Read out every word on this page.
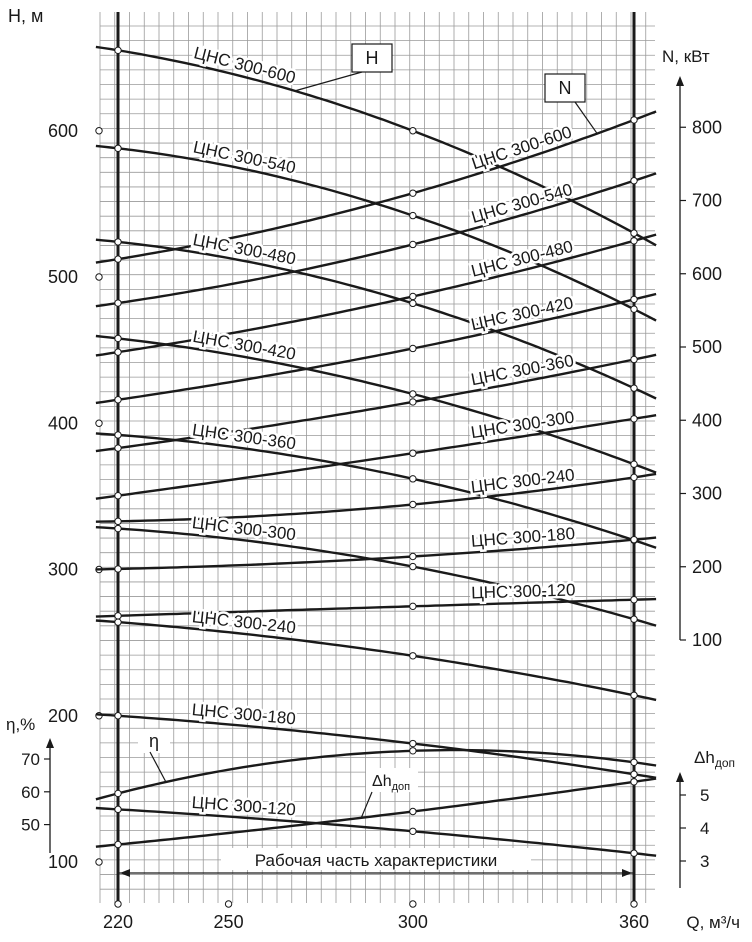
Рабочая часть характеристики
220	250	300	360 Q, м³/ч
100
200
300
400
500
600
H, м
50
60
70
η,%
100
200
300
400
500
600
700
800
N, кВт
3
4
5
$\Delta h_{доп}$
ЦНС 300-600
ЦНС 300-540
ЦНС 300-480
ЦНС 300-420
ЦНС 300-360
ЦНС 300-300
ЦНС 300-240
ЦНС 300-180
ЦНС 300-120
ЦНС 300-600
ЦНС 300-540
ЦНС 300-480
ЦНС 300-420
ЦНС 300-360
ЦНС 300-300
ЦНС 300-240
ЦНС 300-180
ЦНС 300-120
H
N
η
$\Delta h_{доп}$
